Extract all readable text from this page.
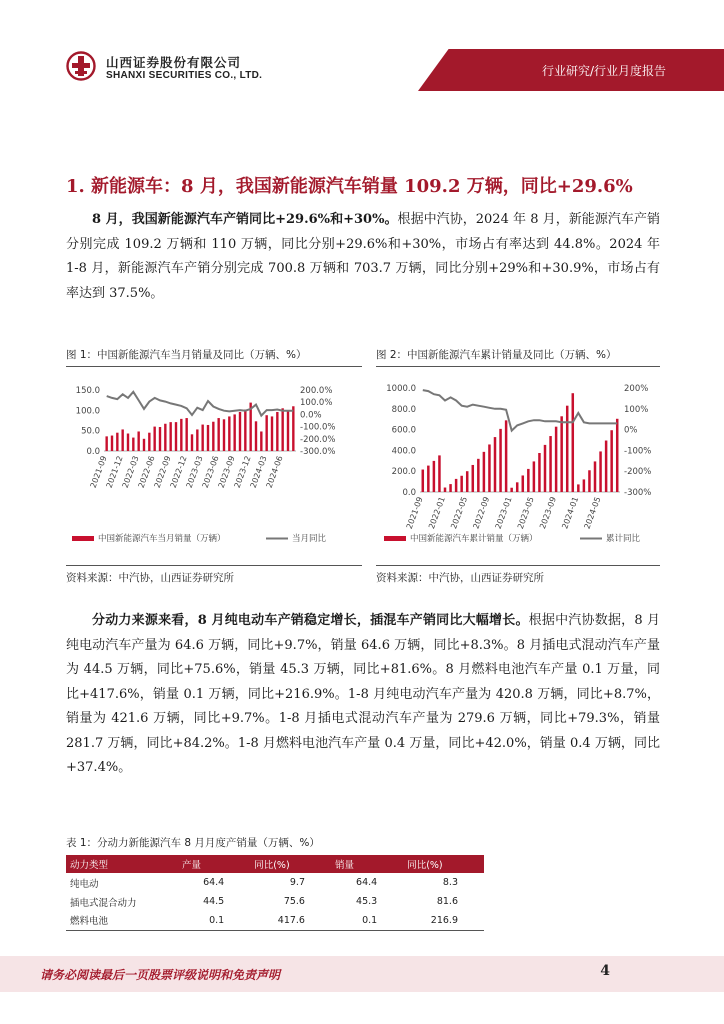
山西证券股份有限公司
SHANXI SECURITIES CO., LTD.	行业研究/行业月度报告
1. 新能源车：8 月，我国新能源汽车销量 109.2 万辆，同比+29.6%
8 月，我国新能源汽车产销同比+29.6%和+30%。根据中汽协，2024 年 8 月，新能源汽车产销分别完成 109.2 万辆和 110 万辆，同比分别+29.6%和+30%，市场占有率达到 44.8%。2024 年 1-8 月，新能源汽车产销分别完成 700.8 万辆和 703.7 万辆，同比分别+29%和+30.9%，市场占有率达到 37.5%。
图 1：中国新能源汽车当月销量及同比（万辆、%）
150.0
100.0
50.0
0.0
200.0%
100.0%
0.0%
-100.0%
-200.0%
-300.0%
2021-09
2021-12
2022-03
2022-06
2022-09
2022-12
2023-03
2023-06
2023-09
2023-12
2024-03
2024-06
中国新能源汽车当月销量（万辆）	当月同比
资料来源：中汽协，山西证券研究所
图 2：中国新能源汽车累计销量及同比（万辆、%）
1000.0
800.0
600.0
400.0
200.0
0.0
200%
100%
0%
-100%
-200%
-300%
2021-09 2022-01 2022-05 2022-09 2023-01 2023-05 2023-09 2024-01 2024-05
中国新能源汽车累计销量（万辆）	累计同比
资料来源：中汽协，山西证券研究所
分动力来源来看，8 月纯电动车产销稳定增长，插混车产销同比大幅增长。根据中汽协数据，8 月纯电动汽车产量为 64.6 万辆，同比+9.7%，销量 64.6 万辆，同比+8.3%。8 月插电式混动汽车产量为 44.5 万辆，同比+75.6%，销量 45.3 万辆，同比+81.6%。8 月燃料电池汽车产量 0.1 万量，同比+417.6%，销量 0.1 万辆，同比+216.9%。1-8 月纯电动汽车产量为 420.8 万辆，同比+8.7%，销量为 421.6 万辆，同比+9.7%。1-8 月插电式混动汽车产量为 279.6 万辆，同比+79.3%，销量 281.7 万辆，同比+84.2%。1-8 月燃料电池汽车产量 0.4 万量，同比+42.0%，销量 0.4 万辆，同比+37.4%。
表 1：分动力新能源汽车 8 月月度产销量（万辆、%）
动力类型	产量	同比(%)	销量	同比(%)
纯电动	64.4	9.7	64.4	8.3
插电式混合动力	44.5	75.6	45.3	81.6
燃料电池	0.1	417.6	0.1	216.9
请务必阅读最后一页股票评级说明和免责声明	4
